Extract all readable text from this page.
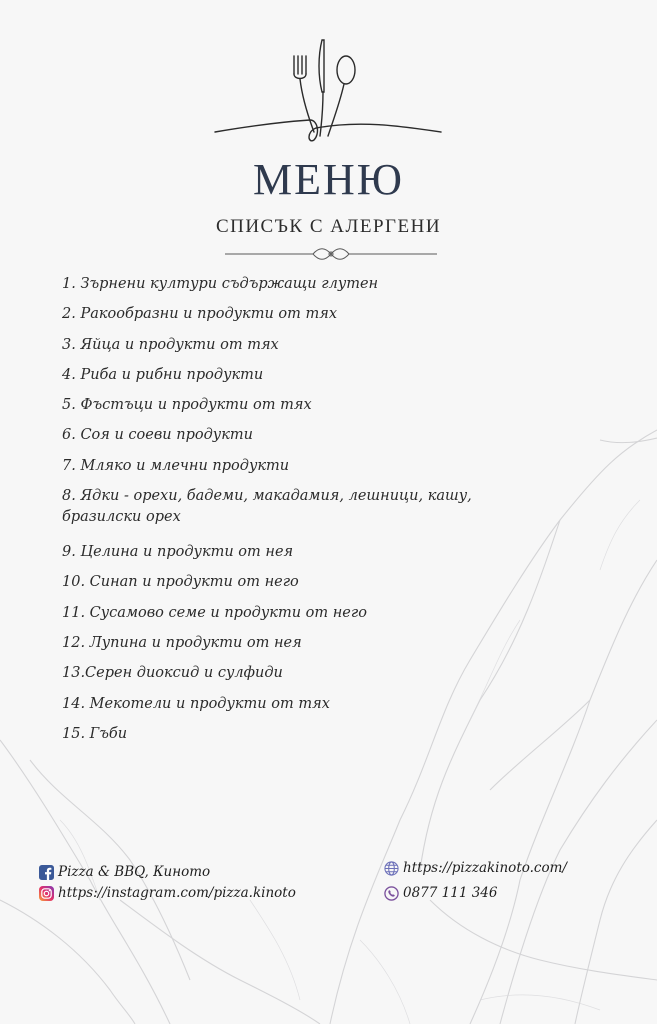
МЕНЮ
СПИСЪК С АЛЕРГЕНИ
1. Зърнени култури съдържащи глутен
2. Ракообразни и продукти от тях
3. Яйца и продукти от тях
4. Риба и рибни продукти
5. Фъстъци и продукти от тях
6. Соя и соеви продукти
7. Мляко и млечни продукти
8. Ядки - орехи, бадеми, макадамия, лешници, кашу, бразилски орех
9. Целина и продукти от нея
10. Синап и продукти от него
11. Сусамово семе и продукти от него
12. Лупина и продукти от нея
13.Серен диоксид и сулфиди
14. Мекотели и продукти от тях
15. Гъби
Pizza & BBQ, Киното
https://instagram.com/pizza.kinoto
https://pizzakinoto.com/
0877 111 346
